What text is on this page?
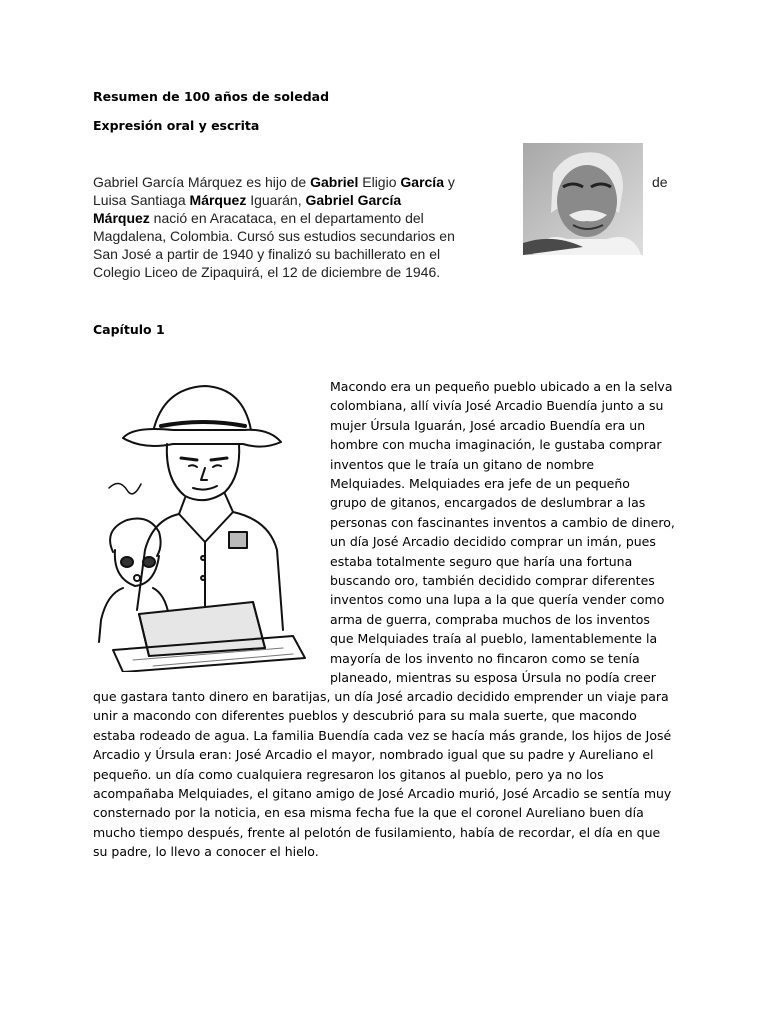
Resumen de 100 años de soledad
Expresión oral y escrita
Gabriel García Márquez es hijo de Gabriel Eligio García y
Luisa Santiaga Márquez Iguarán, Gabriel García
Márquez nació en Aracataca, en el departamento del
Magdalena, Colombia. Cursó sus estudios secundarios en
San José a partir de 1940 y finalizó su bachillerato en el
Colegio Liceo de Zipaquirá, el 12 de diciembre de 1946.
de
Capítulo 1
Macondo era un pequeño pueblo ubicado a en la selva
colombiana, allí vivía José Arcadio Buendía junto a su
mujer Úrsula Iguarán, José arcadio Buendía era un
hombre con mucha imaginación, le gustaba comprar
inventos que le traía un gitano de nombre
Melquiades. Melquiades era jefe de un pequeño
grupo de gitanos, encargados de deslumbrar a las
personas con fascinantes inventos a cambio de dinero,
un día José Arcadio decidido comprar un imán, pues
estaba totalmente seguro que haría una fortuna
buscando oro, también decidido comprar diferentes
inventos como una lupa a la que quería vender como
arma de guerra, compraba muchos de los inventos
que Melquiades traía al pueblo, lamentablemente la
mayoría de los invento no fincaron como se tenía
planeado, mientras su esposa Úrsula no podía creer
que gastara tanto dinero en baratijas, un día José arcadio decidido emprender un viaje para
unir a macondo con diferentes pueblos y descubrió para su mala suerte, que macondo
estaba rodeado de agua. La familia Buendía cada vez se hacía más grande, los hijos de José
Arcadio y Úrsula eran: José Arcadio el mayor, nombrado igual que su padre y Aureliano el
pequeño. un día como cualquiera regresaron los gitanos al pueblo, pero ya no los
acompañaba Melquiades, el gitano amigo de José Arcadio murió, José Arcadio se sentía muy
consternado por la noticia, en esa misma fecha fue la que el coronel Aureliano buen día
mucho tiempo después, frente al pelotón de fusilamiento, había de recordar, el día en que
su padre, lo llevo a conocer el hielo.
